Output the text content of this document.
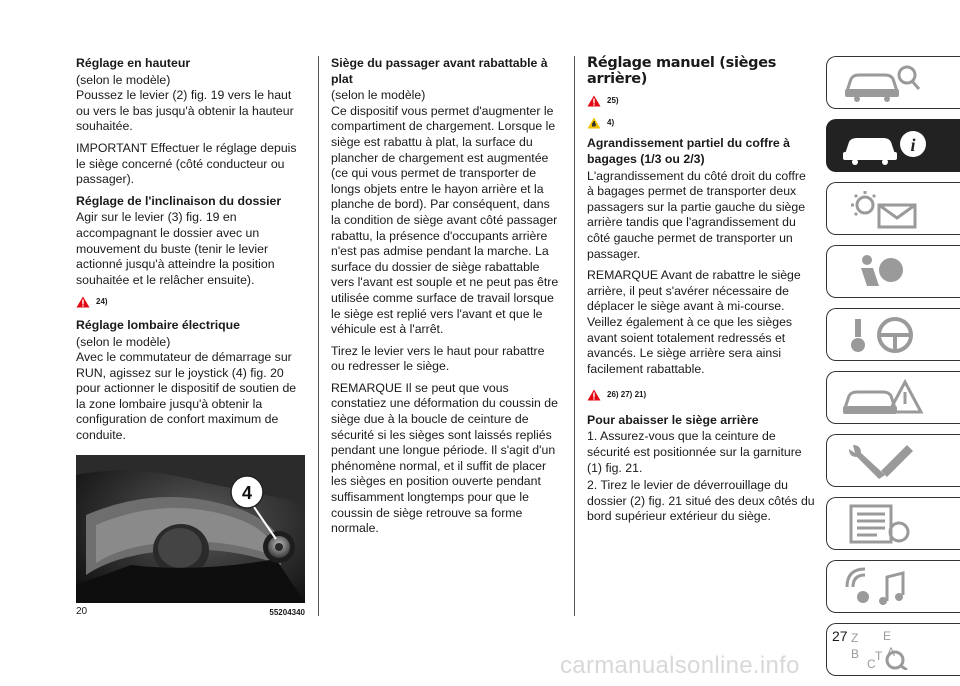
Réglage en hauteur

(selon le modèle)

Poussez le levier (2) fig. 19 vers le haut ou vers le bas jusqu'à obtenir la hauteur souhaitée.

IMPORTANT Effectuer le réglage depuis le siège concerné (côté conducteur ou passager).

Réglage de l'inclinaison du dossier

Agir sur le levier (3) fig. 19 en accompagnant le dossier avec un mouvement du buste (tenir le levier actionné jusqu'à atteindre la position souhaitée et le relâcher ensuite).

24)
Réglage lombaire électrique

(selon le modèle)

Avec le commutateur de démarrage sur RUN, agissez sur le joystick (4) fig. 20 pour actionner le dispositif de soutien de la zone lombaire jusqu'à obtenir la configuration de confort maximum de conduite.

4
20	55204340
Siège du passager avant rabattable à plat

(selon le modèle)

Ce dispositif vous permet d'augmenter le compartiment de chargement. Lorsque le siège est rabattu à plat, la surface du plancher de chargement est augmentée (ce qui vous permet de transporter de longs objets entre le hayon arrière et la planche de bord). Par conséquent, dans la condition de siège avant côté passager rabattu, la présence d'occupants arrière n'est pas admise pendant la marche. La surface du dossier de siège rabattable vers l'avant est souple et ne peut pas être utilisée comme surface de travail lorsque le siège est replié vers l'avant et que le véhicule est à l'arrêt.

Tirez le levier vers le haut pour rabattre ou redresser le siège.

REMARQUE Il se peut que vous constatiez une déformation du coussin de siège due à la boucle de ceinture de sécurité si les sièges sont laissés repliés pendant une longue période. Il s'agit d'un phénomène normal, et il suffit de placer les sièges en position ouverte pendant suffisamment longtemps pour que le coussin de siège retrouve sa forme normale.

Réglage manuel (sièges arrière)
25)
4)
Agrandissement partiel du coffre à bagages (1/3 ou 2/3)

L'agrandissement du côté droit du coffre à bagages permet de transporter deux passagers sur la partie gauche du siège arrière tandis que l'agrandissement du côté gauche permet de transporter un passager.

REMARQUE Avant de rabattre le siège arrière, il peut s'avérer nécessaire de déplacer le siège avant à mi-course. Veillez également à ce que les sièges avant soient totalement redressés et avancés. Le siège arrière sera ainsi facilement rabattable.

26) 27) 21)
Pour abaisser le siège arrière

1. Assurez-vous que la ceinture de sécurité est positionnée sur la garniture (1) fig. 21.

2. Tirez le levier de déverrouillage du dossier (2) fig. 21 situé des deux côtés du bord supérieur extérieur du siège.

i
Z E
B A
C
T
27
carmanualsonline.info
